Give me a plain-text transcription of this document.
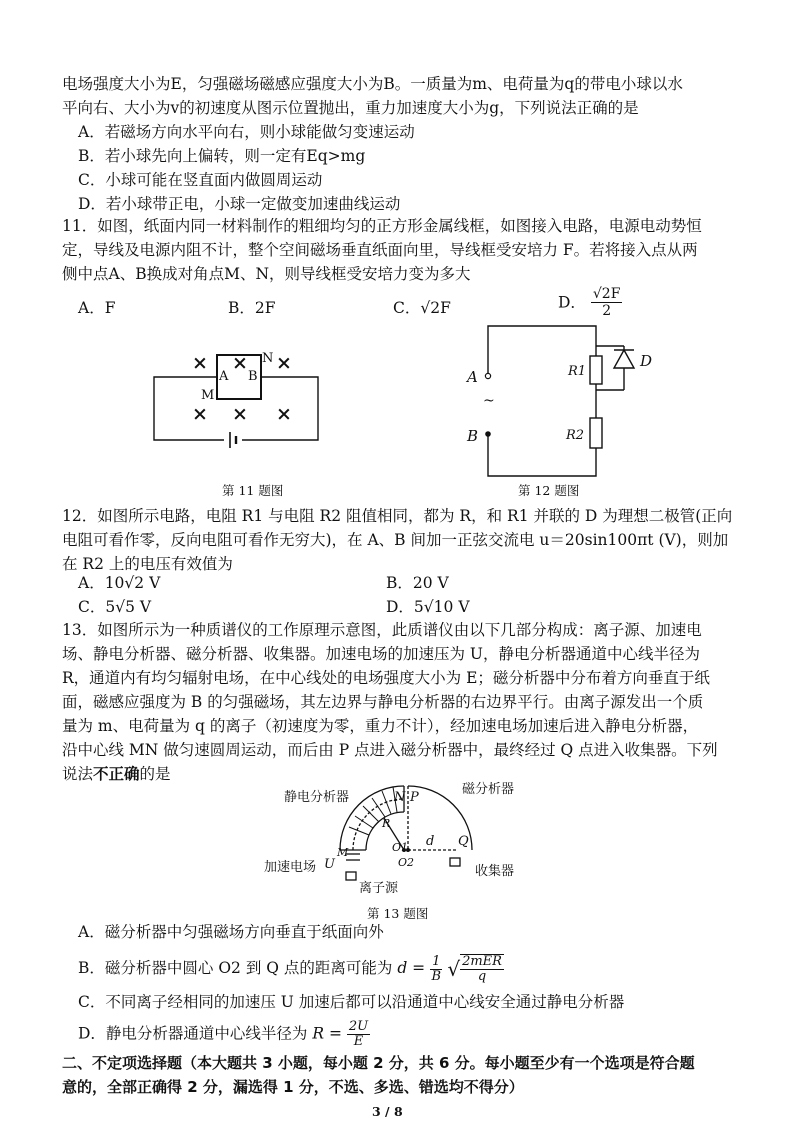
电场强度大小为E，匀强磁场磁感应强度大小为B。一质量为m、电荷量为q的带电小球以水
平向右、大小为v的初速度从图示位置抛出，重力加速度大小为g，下列说法正确的是
A．若磁场方向水平向右，则小球能做匀变速运动
B．若小球先向上偏转，则一定有Eq>mg
C．小球可能在竖直面内做圆周运动
D．若小球带正电，小球一定做变加速曲线运动
11．如图，纸面内同一材料制作的粗细均匀的正方形金属线框，如图接入电路，电源电动势恒
定，导线及电源内阻不计，整个空间磁场垂直纸面向里，导线框受安培力 F。若将接入点从两
侧中点A、B换成对角点M、N，则导线框受安培力变为多大
A．F	B．2F	C．√2F	D． $\frac{√2F}{2}$
× × ×
× × ×
A B
M
N
第 11 题图
A
B
~
R1
R2
D
第 12 题图
12．如图所示电路，电阻 R1 与电阻 R2 阻值相同，都为 R，和 R1 并联的 D 为理想二极管(正向
电阻可看作零，反向电阻可看作无穷大)，在 A、B 间加一正弦交流电 u＝20sin100πt (V)，则加
在 R2 上的电压有效值为
A．10√2 V	B．20 V
C．5√5 V	D．5√10 V
13．如图所示为一种质谱仪的工作原理示意图，此质谱仪由以下几部分构成：离子源、加速电
场、静电分析器、磁分析器、收集器。加速电场的加速压为 U，静电分析器通道中心线半径为
R，通道内有均匀辐射电场，在中心线处的电场强度大小为 E；磁分析器中分布着方向垂直于纸
面，磁感应强度为 B 的匀强磁场，其左边界与静电分析器的右边界平行。由离子源发出一个质
量为 m、电荷量为 q 的离子（初速度为零，重力不计），经加速电场加速后进入静电分析器，
沿中心线 MN 做匀速圆周运动，而后由 P 点进入磁分析器中，最终经过 Q 点进入收集器。下列
说法不正确的是
静电分析器
磁分析器
加速电场
离子源
收集器
N P
R
O1
O2
d Q
U
M
第 13 题图
A．磁分析器中匀强磁场方向垂直于纸面向外
B．磁分析器中圆心 O2 到 Q 点的距离可能为 $d = \frac{1}{B}$ √ $\frac{\text{2mER}}{q}$
C．不同离子经相同的加速压 U 加速后都可以沿通道中心线安全通过静电分析器
D．静电分析器通道中心线半径为 $R = \frac{2U}{E}$
二、不定项选择题（本大题共 3 小题，每小题 2 分，共 6 分。每小题至少有一个选项是符合题
意的，全部正确得 2 分，漏选得 1 分，不选、多选、错选均不得分）
3 / 8
